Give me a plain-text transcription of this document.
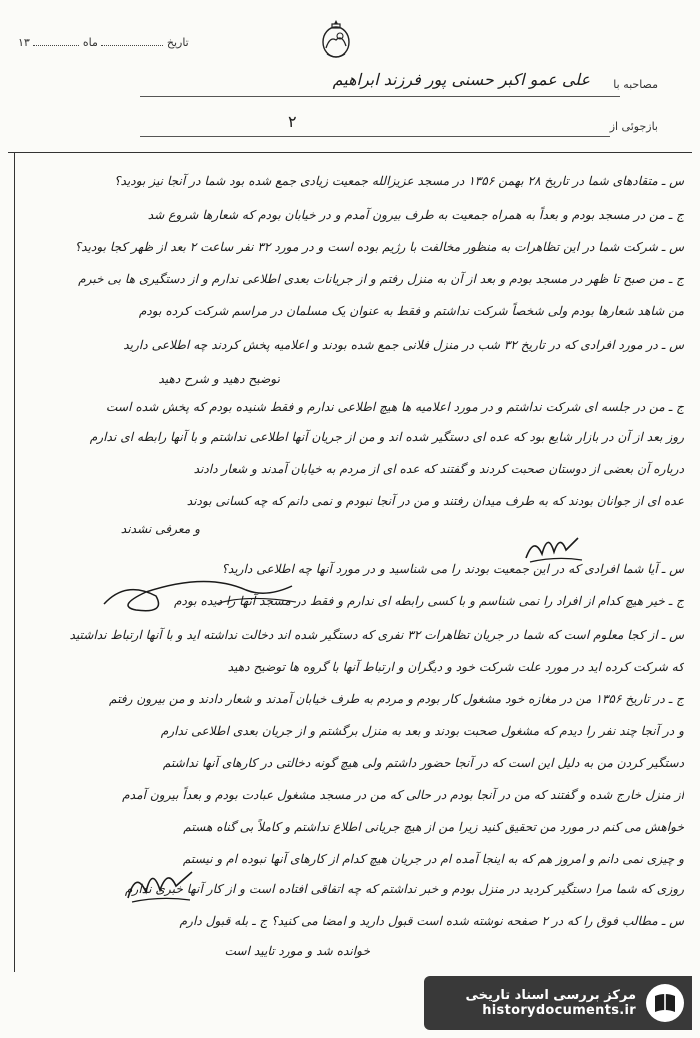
تاریخ  ماه  ۱۳
مصاحبه با
علی عمو اکبر حسنی پور فرزند ابراهیم
بازجوئی از
۲
س ـ متقادهای شما در تاریخ ۲۸ بهمن ۱۳۵۶ در مسجد عزیزالله جمعیت زیادی جمع شده بود شما در آنجا نیز بودید؟
ج ـ من در مسجد بودم و بعداً به همراه جمعیت به طرف بیرون آمدم و در خیابان بودم که شعارها شروع شد
س ـ شرکت شما در این تظاهرات به منظور مخالفت با رژیم بوده است و در مورد ۳۲ نفر ساعت ۲ بعد از ظهر کجا بودید؟
ج ـ من صبح تا ظهر در مسجد بودم و بعد از آن به منزل رفتم و از جریانات بعدی اطلاعی ندارم و از دستگیری ها بی خبرم
من شاهد شعارها بودم ولی شخصاً شرکت نداشتم و فقط به عنوان یک مسلمان در مراسم شرکت کرده بودم
س ـ در مورد افرادی که در تاریخ ۳۲ شب در منزل فلانی جمع شده بودند و اعلامیه پخش کردند چه اطلاعی دارید
توضیح دهید و شرح دهید
ج ـ من در جلسه ای شرکت نداشتم و در مورد اعلامیه ها هیچ اطلاعی ندارم و فقط شنیده بودم که پخش شده است
روز بعد از آن در بازار شایع بود که عده ای دستگیر شده اند و من از جریان آنها اطلاعی نداشتم و با آنها رابطه ای ندارم
درباره آن بعضی از دوستان صحبت کردند و گفتند که عده ای از مردم به خیابان آمدند و شعار دادند
عده ای از جوانان بودند که به طرف میدان رفتند و من در آنجا نبودم و نمی دانم که چه کسانی بودند
و معرفی نشدند
س ـ آیا شما افرادی که در این جمعیت بودند را می شناسید و در مورد آنها چه اطلاعی دارید؟
ج ـ خیر هیچ کدام از افراد را نمی شناسم و با کسی رابطه ای ندارم و فقط در مسجد آنها را دیده بودم
س ـ از کجا معلوم است که شما در جریان تظاهرات ۳۲ نفری که دستگیر شده اند دخالت نداشته اید و با آنها ارتباط نداشتید
که شرکت کرده اید در مورد علت شرکت خود و دیگران و ارتباط آنها با گروه ها توضیح دهید
ج ـ در تاریخ ۱۳۵۶ من در مغازه خود مشغول کار بودم و مردم به طرف خیابان آمدند و شعار دادند و من بیرون رفتم
و در آنجا چند نفر را دیدم که مشغول صحبت بودند و بعد به منزل برگشتم و از جریان بعدی اطلاعی ندارم
دستگیر کردن من به دلیل این است که در آنجا حضور داشتم ولی هیچ گونه دخالتی در کارهای آنها نداشتم
از منزل خارج شده و گفتند که من در آنجا بودم در حالی که من در مسجد مشغول عبادت بودم و بعداً بیرون آمدم
خواهش می کنم در مورد من تحقیق کنید زیرا من از هیچ جریانی اطلاع نداشتم و کاملاً بی گناه هستم
و چیزی نمی دانم و امروز هم که به اینجا آمده ام در جریان هیچ کدام از کارهای آنها نبوده ام و نیستم
روزی که شما مرا دستگیر کردید در منزل بودم و خبر نداشتم که چه اتفاقی افتاده است و از کار آنها خبری ندارم
س ـ مطالب فوق را که در ۲ صفحه نوشته شده است قبول دارید و امضا می کنید؟ ج ـ بله قبول دارم
خوانده شد و مورد تایید است
مرکز بررسی اسناد تاریخی
historydocuments.ir
